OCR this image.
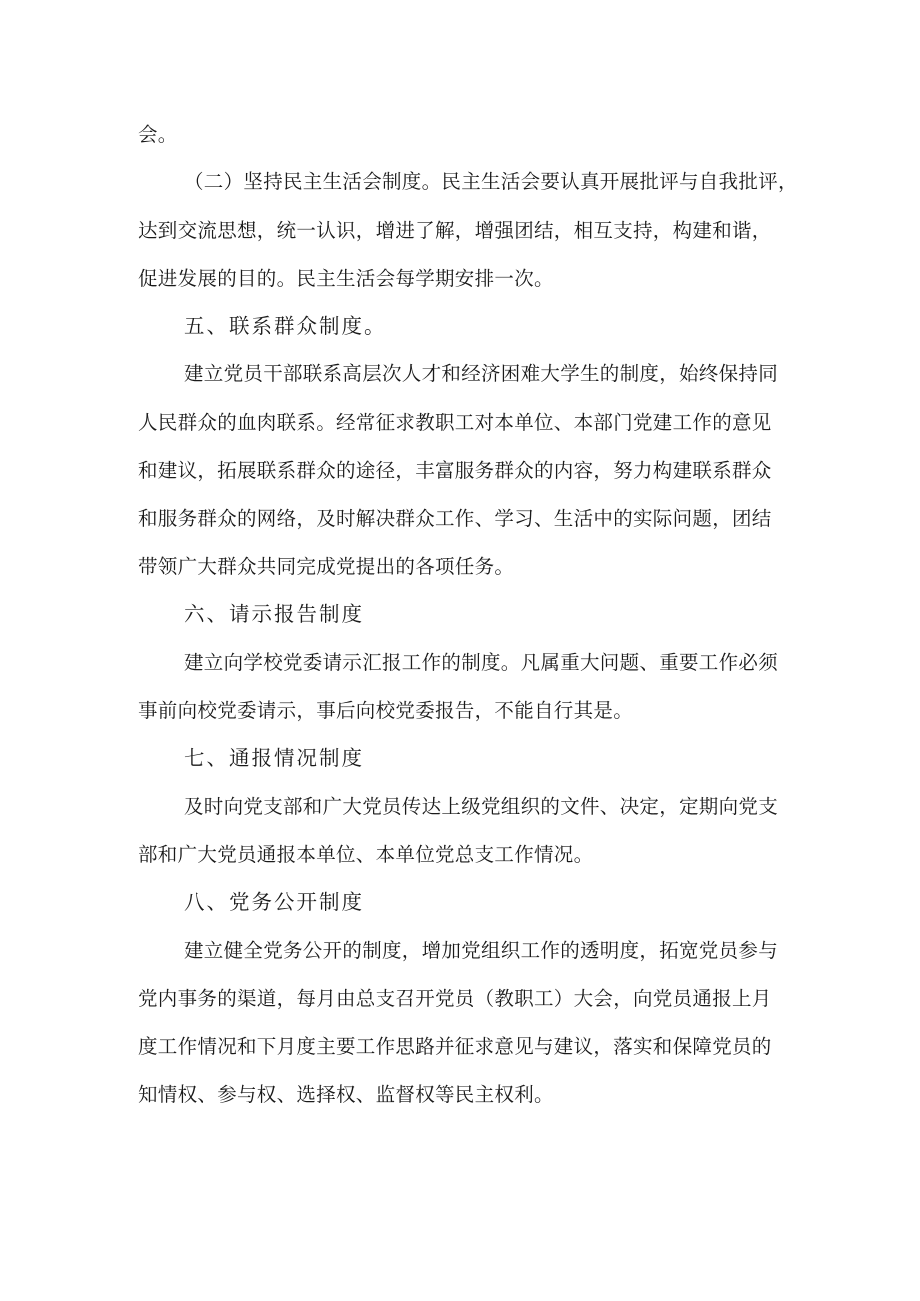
会。
（二）坚持民主生活会制度。民主生活会要认真开展批评与自我批评，
达到交流思想，统一认识，增进了解，增强团结，相互支持，构建和谐，
促进发展的目的。民主生活会每学期安排一次。
五、联系群众制度。
建立党员干部联系高层次人才和经济困难大学生的制度，始终保持同
人民群众的血肉联系。经常征求教职工对本单位、本部门党建工作的意见
和建议，拓展联系群众的途径，丰富服务群众的内容，努力构建联系群众
和服务群众的网络，及时解决群众工作、学习、生活中的实际问题，团结
带领广大群众共同完成党提出的各项任务。
六、请示报告制度
建立向学校党委请示汇报工作的制度。凡属重大问题、重要工作必须
事前向校党委请示，事后向校党委报告，不能自行其是。
七、通报情况制度
及时向党支部和广大党员传达上级党组织的文件、决定，定期向党支
部和广大党员通报本单位、本单位党总支工作情况。
八、党务公开制度
建立健全党务公开的制度，增加党组织工作的透明度，拓宽党员参与
党内事务的渠道，每月由总支召开党员（教职工）大会，向党员通报上月
度工作情况和下月度主要工作思路并征求意见与建议，落实和保障党员的
知情权、参与权、选择权、监督权等民主权利。
